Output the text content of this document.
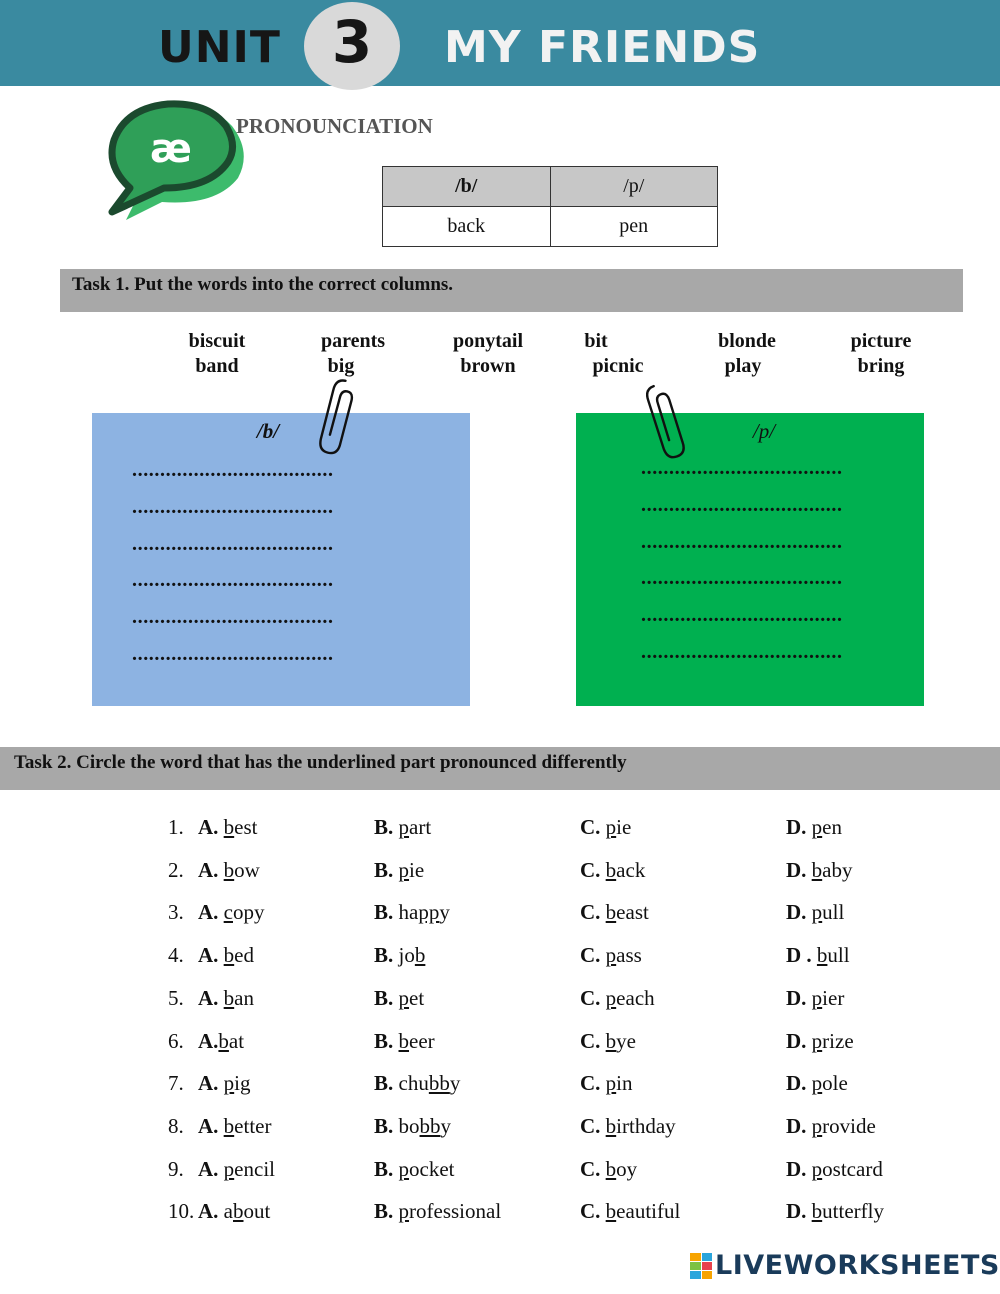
UNIT 3	MY FRIENDS
æ PRONOUNCIATION
/b/	/p/
back	pen
Task 1. Put the words into the correct columns.
biscuit	parents	ponytail	bit	blonde	picture
band	big	brown	picnic	play	bring
/b/
....................................
....................................
....................................
....................................
....................................
....................................
/p/
....................................
....................................
....................................
....................................
....................................
....................................
Task 2. Circle the word that has the underlined part pronounced differently
1. A. best	B. part	C. pie	D. pen
2. A. bow	B. pie	C. back	D. baby
3. A. copy	B. happy	C. beast	D. pull
4. A. bed	B. job	C. pass	D . bull
5. A. ban	B. pet	C. peach	D. pier
6. A.bat	B. beer	C. bye	D. prize
7. A. pig	B. chubby	C. pin	D. pole
8. A. better	B. bobby	C. birthday	D. provide
9. A. pencil	B. pocket	C. boy	D. postcard
10. A. about	B. professional	C. beautiful	D. butterfly
LIVEWORKSHEETS
